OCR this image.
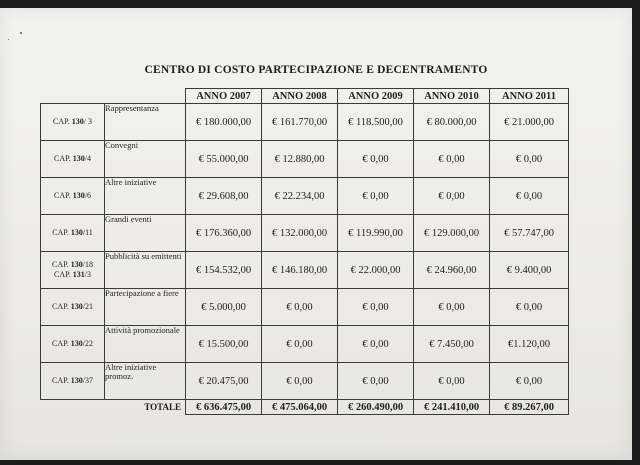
CENTRO DI COSTO PARTECIPAZIONE E DECENTRAMENTO
		ANNO 2007	ANNO 2008	ANNO 2009	ANNO 2010	ANNO 2011

CAP. 130/ 3	Rappresentanza	€ 180.000,00	€ 161.770,00	€ 118.500,00	€ 80.000,00	€ 21.000,00

CAP. 130/4	Convegni	€ 55.000,00	€ 12.880,00	€ 0,00	€ 0,00	€ 0,00

CAP. 130/6	Altre iniziative	€ 29.608,00	€ 22.234,00	€ 0,00	€ 0,00	€ 0,00

CAP. 130/11	Grandi eventi	€ 176.360,00	€ 132.000,00	€ 119.990,00	€ 129.000,00	€ 57.747,00

CAP. 130/18
CAP. 131/3	Pubblicità su emittenti	€ 154.532,00	€ 146.180,00	€ 22.000,00	€ 24.960,00	€ 9.400,00

CAP. 130/21	Partecipazione a fiere	€ 5.000,00	€ 0,00	€ 0,00	€ 0,00	€ 0,00

CAP. 130/22	Attività promozionale	€ 15.500,00	€ 0,00	€ 0,00	€ 7.450,00	€1.120,00

CAP. 130/37	Altre iniziative promoz.	€ 20.475,00	€ 0,00	€ 0,00	€ 0,00	€ 0,00
TOTALE		€ 636.475,00	€ 475.064,00	€ 260.490,00	€ 241.410,00	€ 89.267,00
